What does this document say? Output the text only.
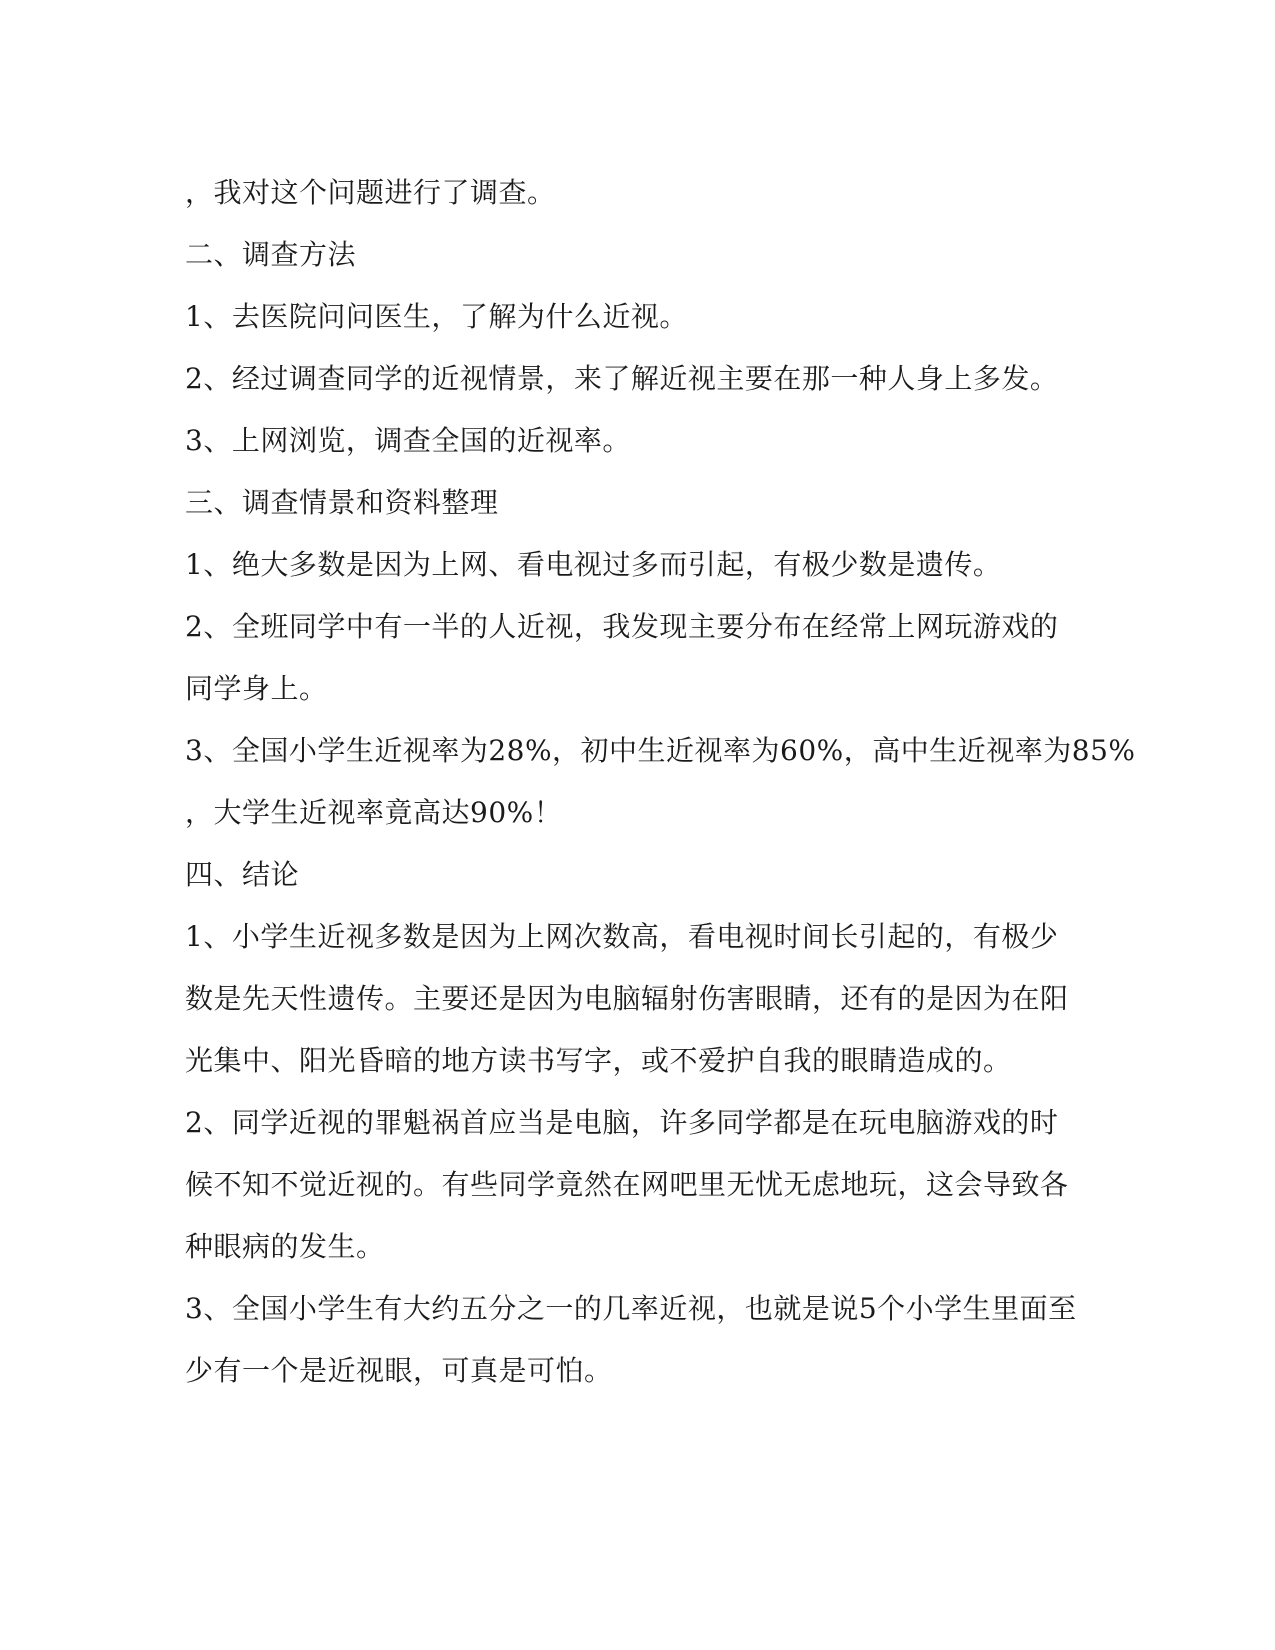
，我对这个问题进行了调查。
二、调查方法
1、去医院问问医生，了解为什么近视。
2、经过调查同学的近视情景，来了解近视主要在那一种人身上多发。
3、上网浏览，调查全国的近视率。
三、调查情景和资料整理
1、绝大多数是因为上网、看电视过多而引起，有极少数是遗传。
2、全班同学中有一半的人近视，我发现主要分布在经常上网玩游戏的
同学身上。
3、全国小学生近视率为28%，初中生近视率为60%，高中生近视率为85%
，大学生近视率竟高达90%！
四、结论
1、小学生近视多数是因为上网次数高，看电视时间长引起的，有极少
数是先天性遗传。主要还是因为电脑辐射伤害眼睛，还有的是因为在阳
光集中、阳光昏暗的地方读书写字，或不爱护自我的眼睛造成的。
2、同学近视的罪魁祸首应当是电脑，许多同学都是在玩电脑游戏的时
候不知不觉近视的。有些同学竟然在网吧里无忧无虑地玩，这会导致各
种眼病的发生。
3、全国小学生有大约五分之一的几率近视，也就是说5个小学生里面至
少有一个是近视眼，可真是可怕。
